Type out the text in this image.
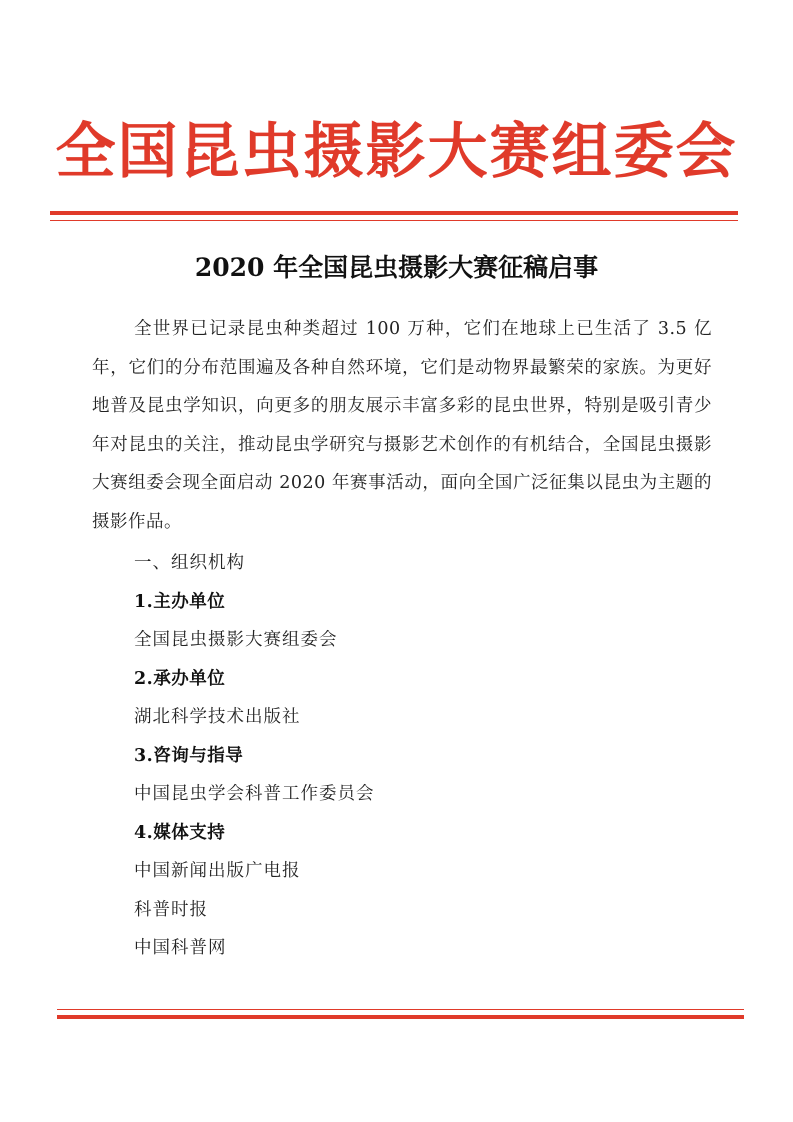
全国昆虫摄影大赛组委会
2020 年全国昆虫摄影大赛征稿启事

全世界已记录昆虫种类超过 100 万种，它们在地球上已生活了 3.5 亿年，它们的分布范围遍及各种自然环境，它们是动物界最繁荣的家族。为更好地普及昆虫学知识，向更多的朋友展示丰富多彩的昆虫世界，特别是吸引青少年对昆虫的关注，推动昆虫学研究与摄影艺术创作的有机结合，全国昆虫摄影大赛组委会现全面启动 2020 年赛事活动，面向全国广泛征集以昆虫为主题的摄影作品。

一、组织机构
1.主办单位
全国昆虫摄影大赛组委会
2.承办单位
湖北科学技术出版社
3.咨询与指导
中国昆虫学会科普工作委员会
4.媒体支持
中国新闻出版广电报
科普时报
中国科普网
